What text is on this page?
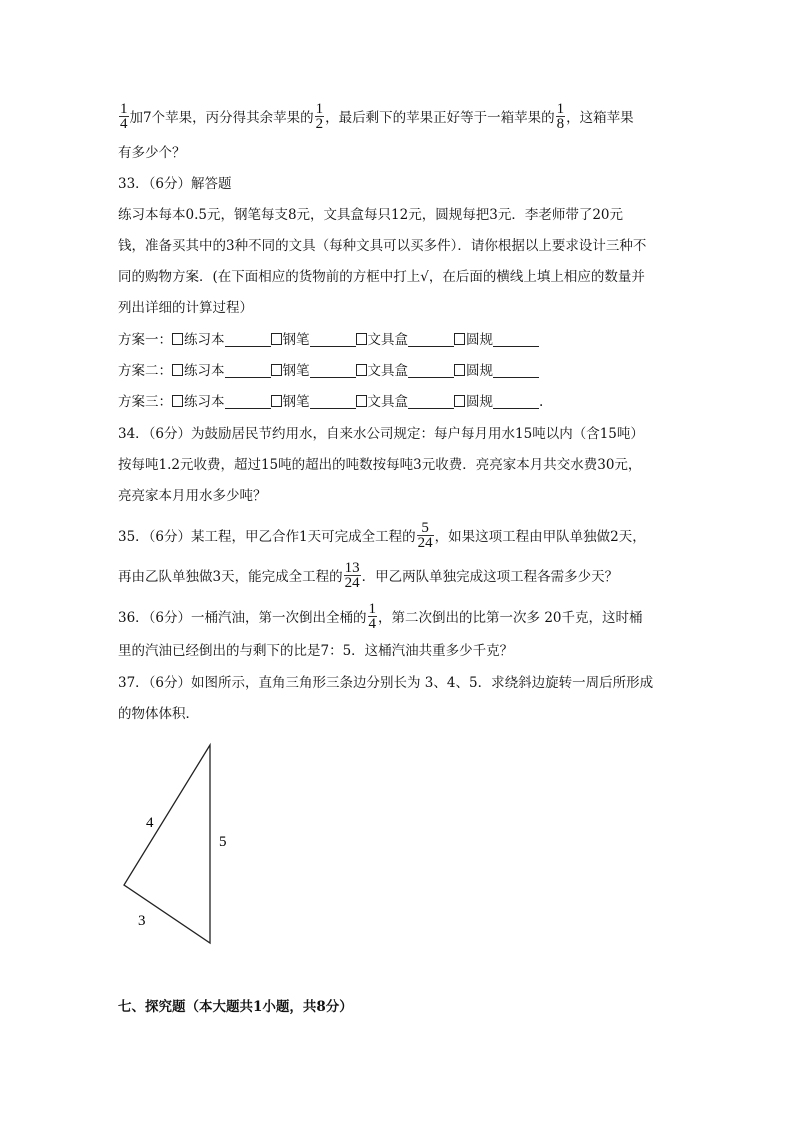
$\frac{1}{4}$ 加7个苹果，丙分得其余苹果的 $\frac{1}{2}$ ，最后剩下的苹果正好等于一箱苹果的 $\frac{1}{8}$ ，这箱苹果
有多少个？
33．（6分）解答题
练习本每本0.5元，钢笔每支8元，文具盒每只12元，圆规每把3元．李老师带了20元
钱，准备买其中的3种不同的文具（每种文具可以买多件）．请你根据以上要求设计三种不
同的购物方案．(在下面相应的货物前的方框中打上√，在后面的横线上填上相应的数量并
列出详细的计算过程）
方案一： 练习本	钢笔	文具盒	圆规
方案二： 练习本	钢笔	文具盒	圆规
方案三： 练习本	钢笔	文具盒	圆规	.
34．（6分）为鼓励居民节约用水，自来水公司规定：每户每月用水15吨以内（含15吨）
按每吨1.2元收费，超过15吨的超出的吨数按每吨3元收费．亮亮家本月共交水费30元，
亮亮家本月用水多少吨？
35．（6分）某工程，甲乙合作1天可完成全工程的 $\frac{5}{24}$ ，如果这项工程由甲队单独做2天，
再由乙队单独做3天，能完成全工程的 $\frac{13}{24}$ ．甲乙两队单独完成这项工程各需多少天？
36．（6分）一桶汽油，第一次倒出全桶的 $\frac{1}{4}$ ，第二次倒出的比第一次多 20千克，这时桶
里的汽油已经倒出的与剩下的比是7：5．这桶汽油共重多少千克？
37．（6分）如图所示，直角三角形三条边分别长为 3、4、5．求绕斜边旋转一周后所形成
的物体体积．
4
5
3
七、探究题（本大题共1小题，共8分）
